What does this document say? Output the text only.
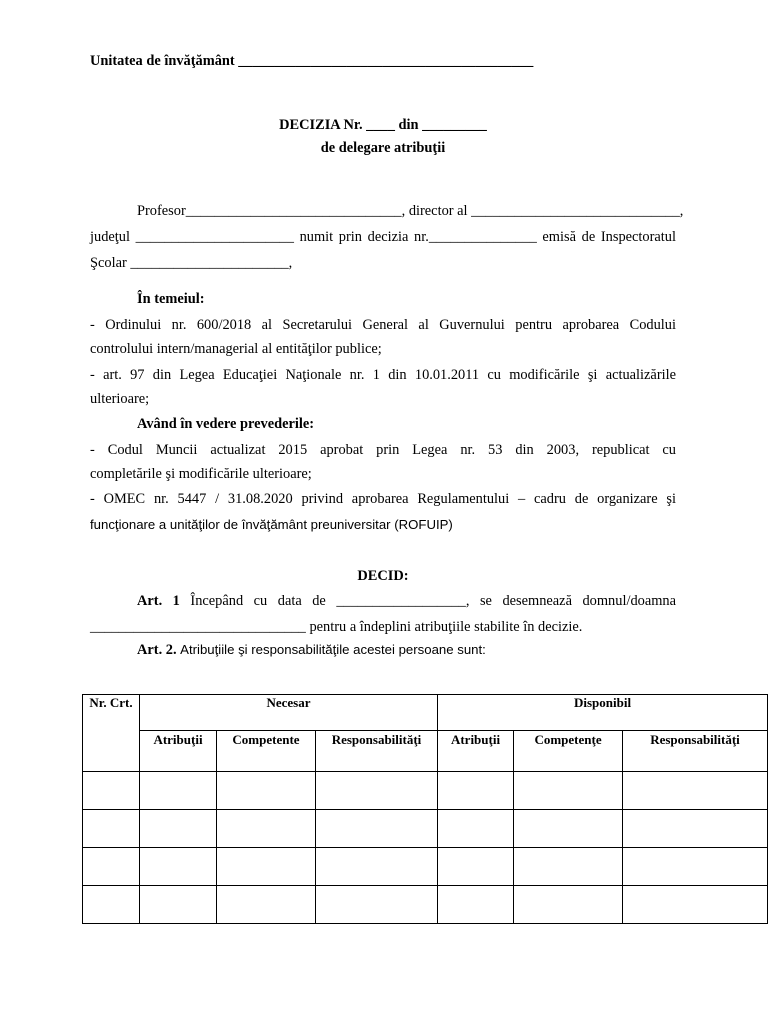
Unitatea de învăţământ _________________________________________
DECIZIA Nr. ____ din _________
de delegare atribuţii
Profesor______________________________, director al _____________________________,
judeţul ______________________ numit prin decizia nr._______________ emisă de Inspectoratul
Şcolar ______________________,
În temeiul:
- Ordinului nr. 600/2018 al Secretarului General al Guvernului pentru aprobarea Codului
controlului intern/managerial al entităţilor publice;
- art. 97 din Legea Educaţiei Naţionale nr. 1 din 10.01.2011 cu modificările şi actualizările
ulterioare;
Având în vedere prevederile:
- Codul Muncii actualizat 2015 aprobat prin Legea nr. 53 din 2003, republicat cu
completările şi modificările ulterioare;
- OMEC nr. 5447 / 31.08.2020 privind aprobarea Regulamentului – cadru de organizare şi
funcţionare a unităţilor de învăţământ preuniversitar (ROFUIP)
DECID:
Art. 1 Începând cu data de __________________, se desemnează domnul/doamna
______________________________ pentru a îndeplini atribuţiile stabilite în decizie.
Art. 2. Atribuţiile şi responsabilităţile acestei persoane sunt:
Nr. Crt.	Necesar			Disponibil		
	Atribuţii	Competente	Responsabilităţi	Atribuţii	Competenţe	Responsabilităţi
